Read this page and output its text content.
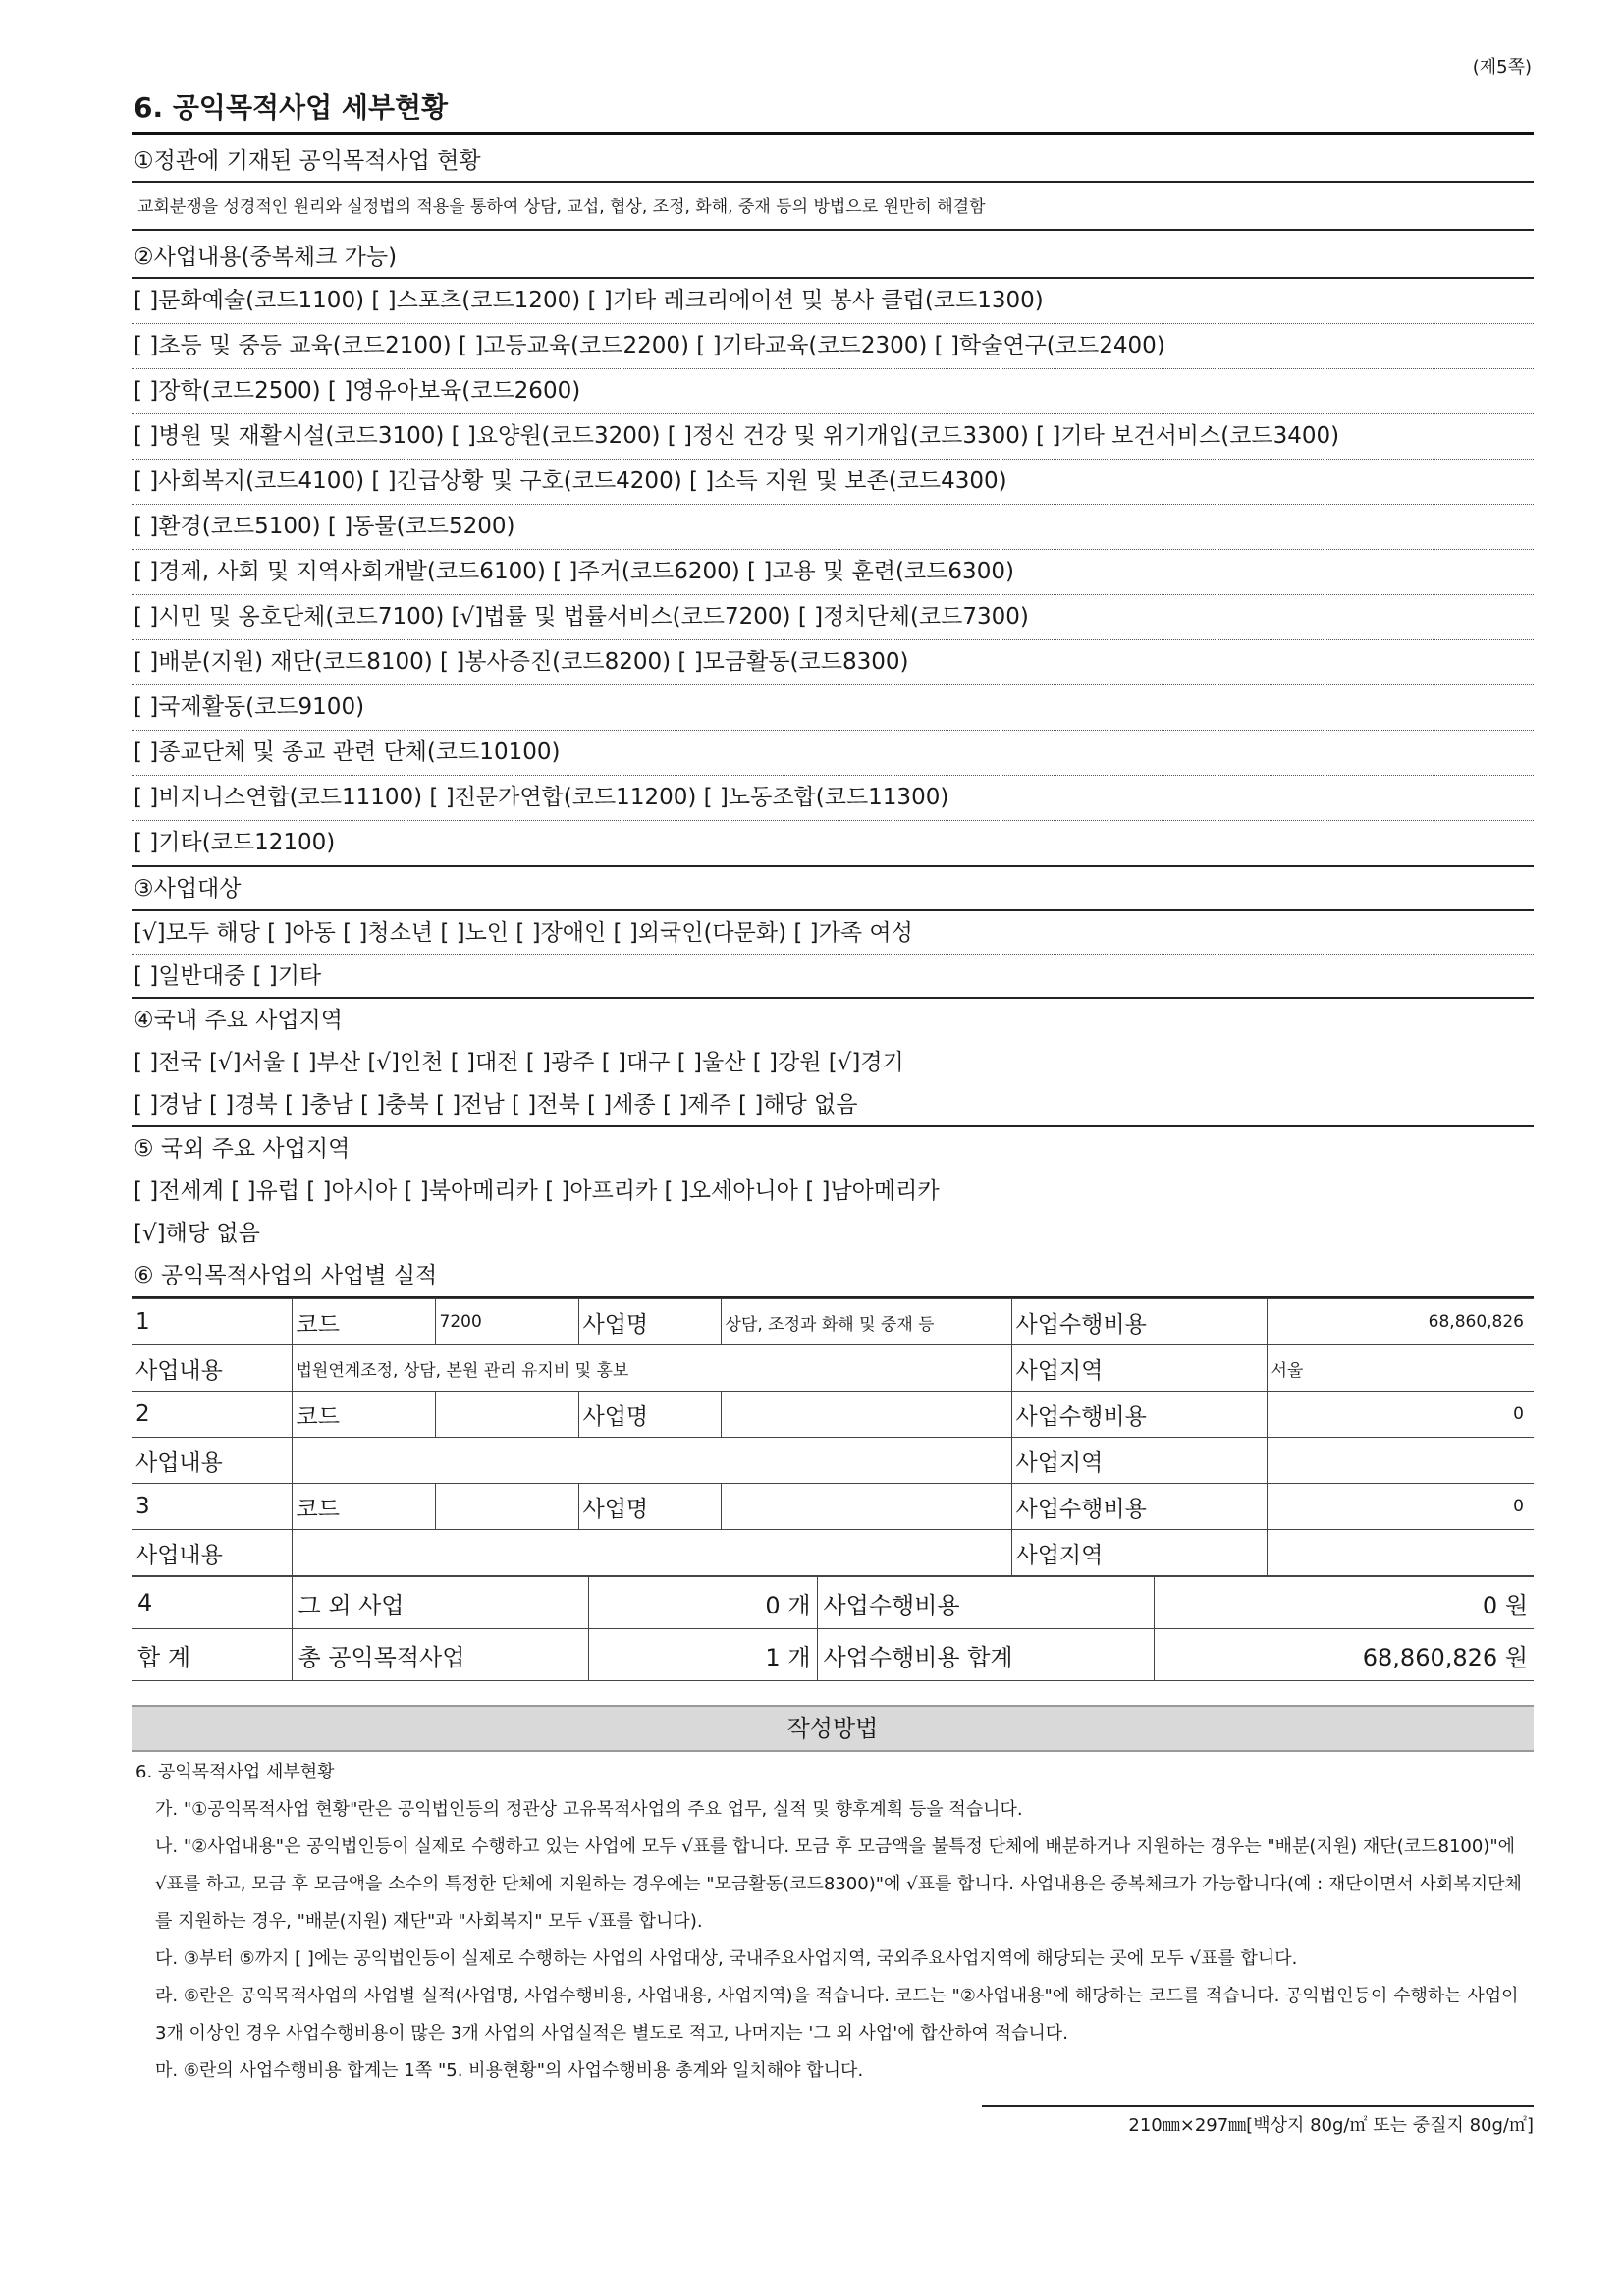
(제5쪽)
6. 공익목적사업 세부현황
①정관에 기재된 공익목적사업 현황
교회분쟁을 성경적인 원리와 실정법의 적용을 통하여 상담, 교섭, 협상, 조정, 화해, 중재 등의 방법으로 원만히 해결함
②사업내용(중복체크 가능)
[ ]문화예술(코드1100) [ ]스포츠(코드1200) [ ]기타 레크리에이션 및 봉사 클럽(코드1300)
[ ]초등 및 중등 교육(코드2100) [ ]고등교육(코드2200) [ ]기타교육(코드2300) [ ]학술연구(코드2400)
[ ]장학(코드2500) [ ]영유아보육(코드2600)
[ ]병원 및 재활시설(코드3100) [ ]요양원(코드3200) [ ]정신 건강 및 위기개입(코드3300) [ ]기타 보건서비스(코드3400)
[ ]사회복지(코드4100) [ ]긴급상황 및 구호(코드4200) [ ]소득 지원 및 보존(코드4300)
[ ]환경(코드5100) [ ]동물(코드5200)
[ ]경제, 사회 및 지역사회개발(코드6100) [ ]주거(코드6200) [ ]고용 및 훈련(코드6300)
[ ]시민 및 옹호단체(코드7100) [√]법률 및 법률서비스(코드7200) [ ]정치단체(코드7300)
[ ]배분(지원) 재단(코드8100) [ ]봉사증진(코드8200) [ ]모금활동(코드8300)
[ ]국제활동(코드9100)
[ ]종교단체 및 종교 관련 단체(코드10100)
[ ]비지니스연합(코드11100) [ ]전문가연합(코드11200) [ ]노동조합(코드11300)
[ ]기타(코드12100)
③사업대상
[√]모두 해당 [ ]아동 [ ]청소년 [ ]노인 [ ]장애인 [ ]외국인(다문화) [ ]가족 여성
[ ]일반대중 [ ]기타
④국내 주요 사업지역
[ ]전국 [√]서울 [ ]부산 [√]인천 [ ]대전 [ ]광주 [ ]대구 [ ]울산 [ ]강원 [√]경기
[ ]경남 [ ]경북 [ ]충남 [ ]충북 [ ]전남 [ ]전북 [ ]세종 [ ]제주 [ ]해당 없음
⑤ 국외 주요 사업지역
[ ]전세계 [ ]유럽 [ ]아시아 [ ]북아메리카 [ ]아프리카 [ ]오세아니아 [ ]남아메리카
[√]해당 없음
⑥ 공익목적사업의 사업별 실적
1	코드	7200	사업명	상담, 조정과 화해 및 중재 등	사업수행비용	68,860,826
사업내용	법원연계조정, 상담, 본원 관리 유지비 및 홍보				사업지역	서울
2	코드		사업명		사업수행비용	0
사업내용					사업지역	
3	코드		사업명		사업수행비용	0
사업내용					사업지역	
4	그 외 사업	0 개	사업수행비용	0 원
합 계	총 공익목적사업	1 개	사업수행비용 합계	68,860,826 원
작성방법

6. 공익목적사업 세부현황

가. "①공익목적사업 현황"란은 공익법인등의 정관상 고유목적사업의 주요 업무, 실적 및 향후계획 등을 적습니다.

나. "②사업내용"은 공익법인등이 실제로 수행하고 있는 사업에 모두 √표를 합니다. 모금 후 모금액을 불특정 단체에 배분하거나 지원하는 경우는 "배분(지원) 재단(코드8100)"에 √표를 하고, 모금 후 모금액을 소수의 특정한 단체에 지원하는 경우에는 "모금활동(코드8300)"에 √표를 합니다. 사업내용은 중복체크가 가능합니다(예 : 재단이면서 사회복지단체를 지원하는 경우, "배분(지원) 재단"과 "사회복지" 모두 √표를 합니다).

다. ③부터 ⑤까지 [ ]에는 공익법인등이 실제로 수행하는 사업의 사업대상, 국내주요사업지역, 국외주요사업지역에 해당되는 곳에 모두 √표를 합니다.

라. ⑥란은 공익목적사업의 사업별 실적(사업명, 사업수행비용, 사업내용, 사업지역)을 적습니다. 코드는 "②사업내용"에 해당하는 코드를 적습니다. 공익법인등이 수행하는 사업이 3개 이상인 경우 사업수행비용이 많은 3개 사업의 사업실적은 별도로 적고, 나머지는 '그 외 사업'에 합산하여 적습니다.

마. ⑥란의 사업수행비용 합계는 1쪽 "5. 비용현황"의 사업수행비용 총계와 일치해야 합니다.

210㎜×297㎜[백상지 80g/㎡ 또는 중질지 80g/㎡]
